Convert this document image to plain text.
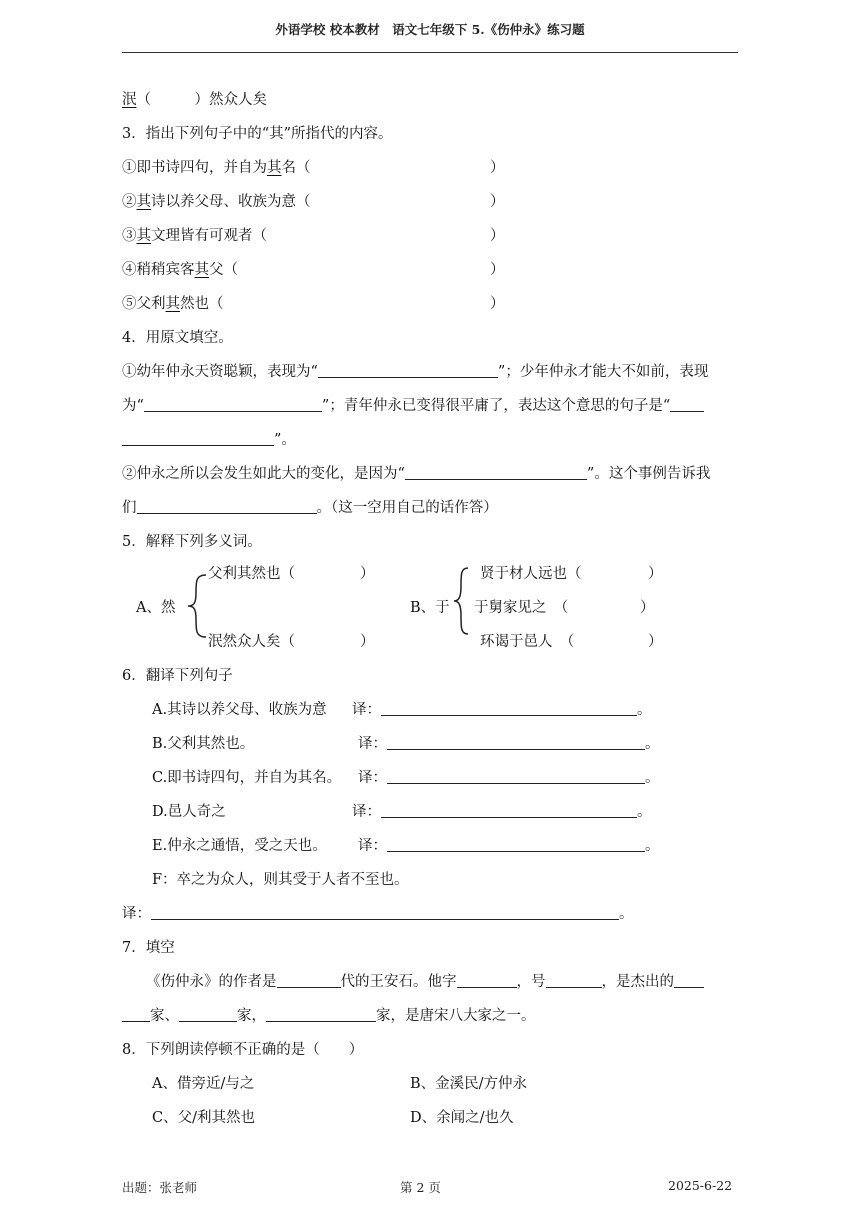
外语学校 校本教材　语文七年级下 5.《伤仲永》练习题
泯（　　　）然众人矣
3．指出下列句子中的“其”所指代的内容。
①即书诗四句，并自为其名（	）
②其诗以养父母、收族为意（	）
③其文理皆有可观者（	）
④稍稍宾客其父（	）
⑤父利其然也（	）
4．用原文填空。
①幼年仲永天资聪颖，表现为“	”；少年仲永才能大不如前，表现
为“	”；青年仲永已变得很平庸了，表达这个意思的句子是“
”。
②仲永之所以会发生如此大的变化，是因为“	”。这个事例告诉我
们	。（这一空用自己的话作答）
5．解释下列多义词。
A、然
父利其然也（	）
泯然众人矣（	）
B、于
贤于材人远也（	）
于舅家见之　（	）
环谒于邑人　（	）
6．翻译下列句子
A.其诗以养父母、收族为意 译：	。
B.父利其然也。	译：	。
C.即书诗四句，并自为其名。 译：	。
D.邑人奇之	译：	。
E.仲永之通悟，受之天也。 译：	。
F：卒之为众人，则其受于人者不至也。
译：	。
7．填空
《伤仲永》的作者是	代的王安石。他字	，号	，是杰出的
家、	家，	家，是唐宋八大家之一。
8．下列朗读停顿不正确的是（　　）
A、借旁近/与之	B、金溪民/方仲永
C、父/利其然也	D、余闻之/也久
出题：张老师	第 2 页	2025-6-22
